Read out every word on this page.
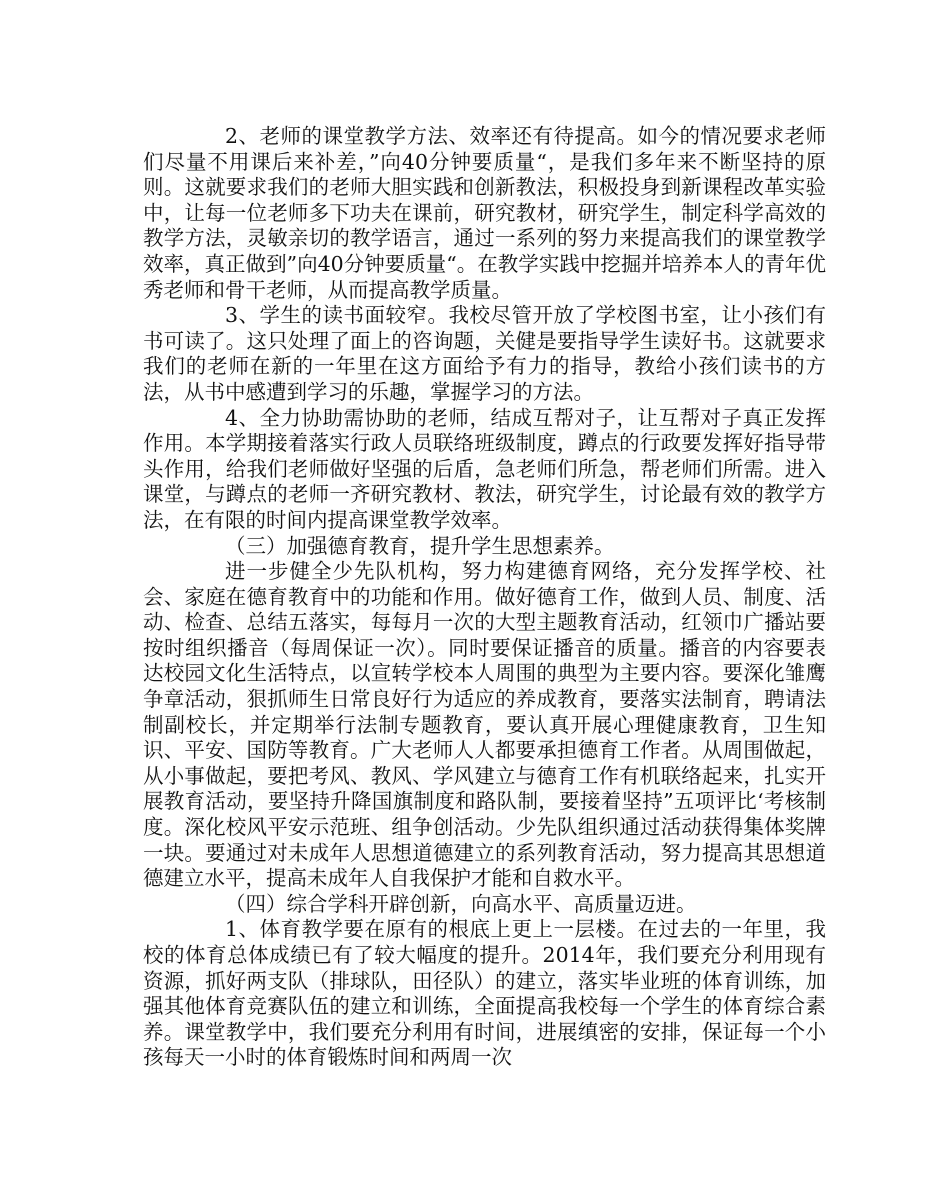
2、老师的课堂教学方法、效率还有待提高。如今的情况要求老师们尽量不用课后来补差，”向40分钟要质量“，是我们多年来不断坚持的原则。这就要求我们的老师大胆实践和创新教法，积极投身到新课程改革实验中，让每一位老师多下功夫在课前，研究教材，研究学生，制定科学高效的教学方法，灵敏亲切的教学语言，通过一系列的努力来提高我们的课堂教学效率，真正做到”向40分钟要质量“。在教学实践中挖掘并培养本人的青年优秀老师和骨干老师，从而提高教学质量。

3、学生的读书面较窄。我校尽管开放了学校图书室，让小孩们有书可读了。这只处理了面上的咨询题，关健是要指导学生读好书。这就要求我们的老师在新的一年里在这方面给予有力的指导，教给小孩们读书的方法，从书中感遭到学习的乐趣，掌握学习的方法。

4、全力协助需协助的老师，结成互帮对子，让互帮对子真正发挥作用。本学期接着落实行政人员联络班级制度，蹲点的行政要发挥好指导带头作用，给我们老师做好坚强的后盾，急老师们所急，帮老师们所需。进入课堂，与蹲点的老师一齐研究教材、教法，研究学生，讨论最有效的教学方法，在有限的时间内提高课堂教学效率。

（三）加强德育教育，提升学生思想素养。

进一步健全少先队机构，努力构建德育网络，充分发挥学校、社会、家庭在德育教育中的功能和作用。做好德育工作，做到人员、制度、活动、检查、总结五落实，每每月一次的大型主题教育活动，红领巾广播站要按时组织播音（每周保证一次）。同时要保证播音的质量。播音的内容要表达校园文化生活特点，以宣转学校本人周围的典型为主要内容。要深化雏鹰争章活动，狠抓师生日常良好行为适应的养成教育，要落实法制育，聘请法制副校长，并定期举行法制专题教育，要认真开展心理健康教育，卫生知识、平安、国防等教育。广大老师人人都要承担德育工作者。从周围做起，从小事做起，要把考风、教风、学风建立与德育工作有机联络起来，扎实开展教育活动，要坚持升降国旗制度和路队制，要接着坚持”五项评比‘考核制度。深化校风平安示范班、组争创活动。少先队组织通过活动获得集体奖牌一块。要通过对未成年人思想道德建立的系列教育活动，努力提高其思想道德建立水平，提高未成年人自我保护才能和自救水平。

（四）综合学科开辟创新，向高水平、高质量迈进。

1、体育教学要在原有的根底上更上一层楼。在过去的一年里，我校的体育总体成绩已有了较大幅度的提升。2014年，我们要充分利用现有资源，抓好两支队（排球队，田径队）的建立，落实毕业班的体育训练，加强其他体育竞赛队伍的建立和训练，全面提高我校每一个学生的体育综合素养。课堂教学中，我们要充分利用有时间，进展缜密的安排，保证每一个小孩每天一小时的体育锻炼时间和两周一次
